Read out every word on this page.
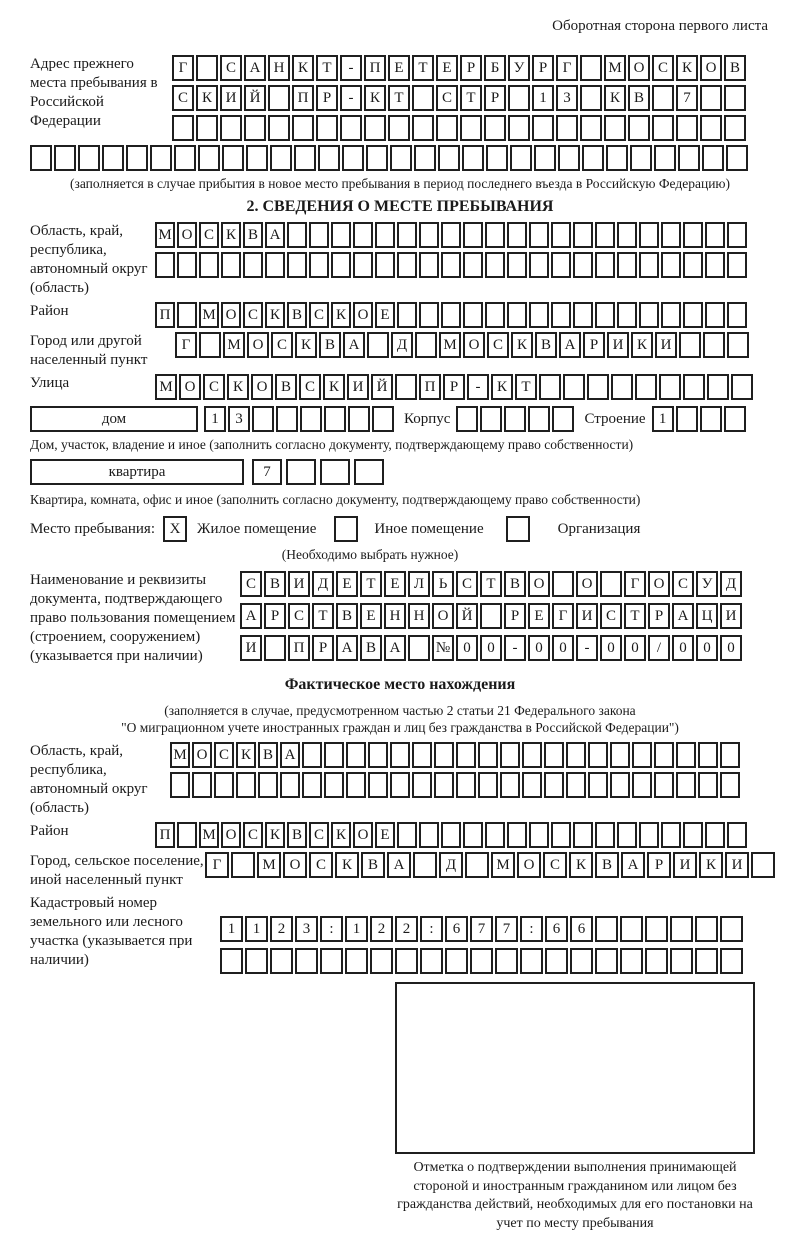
Оборотная сторона первого листа
Адрес прежнего места пребывания в Российской Федерации
Г	С А Н К Т	-	П Е Т Е	Р	Б У Р	Г	М О С К О В
С К И Й	П Р	-	К Т	С Т	Р	1	3	К В	7
(заполняется в случае прибытия в новое место пребывания в период последнего въезда в Российскую Федерацию)
2. СВЕДЕНИЯ О МЕСТЕ ПРЕБЫВАНИЯ
Область, край, республика, автономный округ (область)
М О С К В А
Район	П	М О С К В С К О Е
Город или другой населенный пункт
Г	М О С К В А	Д	М О С К В А Р И К И
Улица	М О С К О В С К И Й	П Р	-	К Т
дом	1	3	Корпус	Строение 1
Дом, участок, владение и иное (заполнить согласно документу, подтверждающему право собственности)
квартира	7
Квартира, комната, офис и иное (заполнить согласно документу, подтверждающему право собственности)
Место пребывания: X	Жилое помещение	Иное помещение	Организация
(Необходимо выбрать нужное)
Наименование и реквизиты документа, подтверждающего право пользования помещением (строением, сооружением) (указывается при наличии)
С В И Д Е Т Е Л Ь С Т В О	О	Г О С У Д
А Р С Т В Е Н Н О Й	Р	Е	Г И С Т	Р А Ц И
И	П Р А В А	№ 0	0	-	0	0	-	0	0	/	0	0	0
Фактическое место нахождения
(заполняется в случае, предусмотренном частью 2 статьи 21 Федерального закона
"О миграционном учете иностранных граждан и лиц без гражданства в Российской Федерации")
Область, край, республика, автономный округ (область)
М О С К В А
Район	П	М О С К В С К О Е
Город, сельское поселение, иной населенный пункт
Г	М О	С	К	В	А	Д	М О	С	К	В	А	Р	И	К	И
Кадастровый номер земельного или лесного участка (указывается при наличии)
1	1	2	3	:	1	2	2	:	6	7	7	:	6	6
Отметка о подтверждении выполнения принимающей стороной и иностранным гражданином или лицом без гражданства действий, необходимых для его постановки на учет по месту пребывания
